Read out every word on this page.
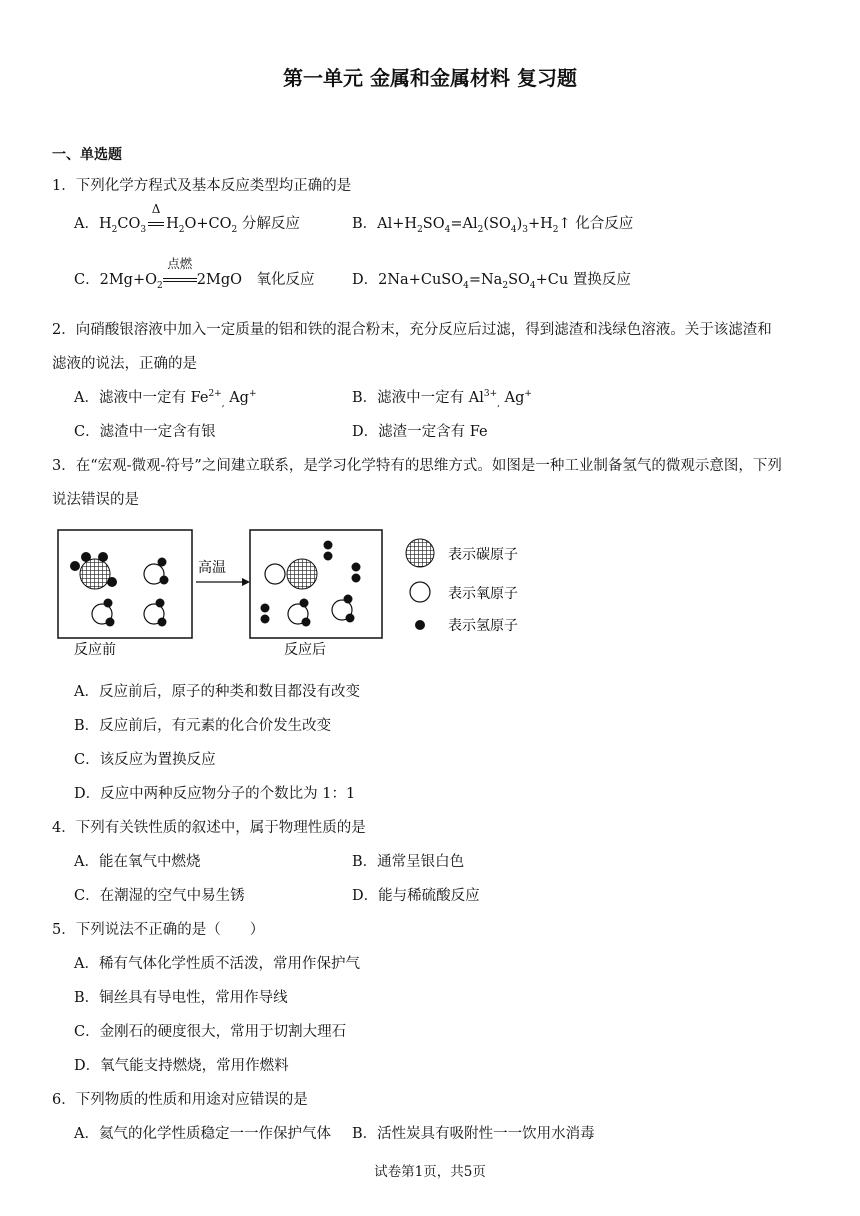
第一单元 金属和金属材料 复习题
一、单选题
1．下列化学方程式及基本反应类型均正确的是
A．$H_2CO_3$
Δ
$H_2O+CO_2$ 分解反应	B．$Al+H_2SO_4=Al_2(SO_4)_3+H_2↑$ 化合反应
C．$2Mg+O_2$
点燃
2MgO　氧化反应	D．$2Na+CuSO_4=Na_2SO_4+Cu$ 置换反应
2．向硝酸银溶液中加入一定质量的铝和铁的混合粉末，充分反应后过滤，得到滤渣和浅绿色溶液。关于该滤渣和
滤液的说法，正确的是
A．滤液中一定有 $Fe^{2+}_,$ Ag+	B．滤液中一定有 $Al^{3+}_,$ Ag+
C．滤渣中一定含有银	D．滤渣一定含有 Fe
3．在“宏观-微观-符号”之间建立联系，是学习化学特有的思维方式。如图是一种工业制备氢气的微观示意图，下列
说法错误的是
反应前
高温
反应后
表示碳原子
表示氧原子
表示氢原子
A．反应前后，原子的种类和数目都没有改变
B．反应前后，有元素的化合价发生改变
C．该反应为置换反应
D．反应中两种反应物分子的个数比为 1：1
4．下列有关铁性质的叙述中，属于物理性质的是
A．能在氧气中燃烧	B．通常呈银白色
C．在潮湿的空气中易生锈	D．能与稀硫酸反应
5．下列说法不正确的是（　　）
A．稀有气体化学性质不活泼，常用作保护气
B．铜丝具有导电性，常用作导线
C．金刚石的硬度很大，常用于切割大理石
D．氧气能支持燃烧，常用作燃料
6．下列物质的性质和用途对应错误的是
A．氦气的化学性质稳定一一作保护气体 B．活性炭具有吸附性一一饮用水消毒
试卷第1页，共5页
